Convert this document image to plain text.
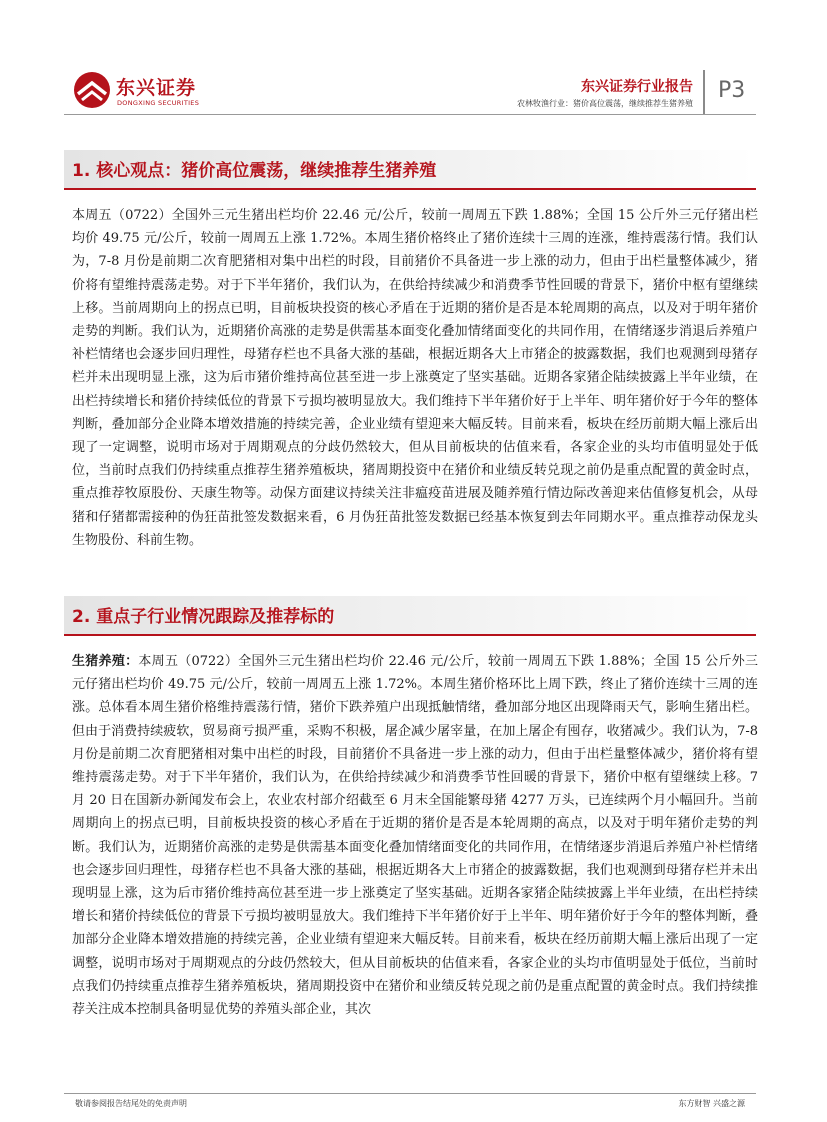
东兴证券
DONGXING SECURITIES
东兴证券行业报告
农林牧渔行业：猪价高位震荡，继续推荐生猪养殖
P3
1. 核心观点：猪价高位震荡，继续推荐生猪养殖

本周五（0722）全国外三元生猪出栏均价 22.46 元/公斤，较前一周周五下跌 1.88%；全国 15 公斤外三元仔猪出栏均价 49.75 元/公斤，较前一周周五上涨 1.72%。本周生猪价格终止了猪价连续十三周的连涨，维持震荡行情。我们认为，7-8 月份是前期二次育肥猪相对集中出栏的时段，目前猪价不具备进一步上涨的动力，但由于出栏量整体减少，猪价将有望维持震荡走势。对于下半年猪价，我们认为，在供给持续减少和消费季节性回暖的背景下，猪价中枢有望继续上移。当前周期向上的拐点已明，目前板块投资的核心矛盾在于近期的猪价是否是本轮周期的高点，以及对于明年猪价走势的判断。我们认为，近期猪价高涨的走势是供需基本面变化叠加情绪面变化的共同作用，在情绪逐步消退后养殖户补栏情绪也会逐步回归理性，母猪存栏也不具备大涨的基础，根据近期各大上市猪企的披露数据，我们也观测到母猪存栏并未出现明显上涨，这为后市猪价维持高位甚至进一步上涨奠定了坚实基础。近期各家猪企陆续披露上半年业绩，在出栏持续增长和猪价持续低位的背景下亏损均被明显放大。我们维持下半年猪价好于上半年、明年猪价好于今年的整体判断，叠加部分企业降本增效措施的持续完善，企业业绩有望迎来大幅反转。目前来看，板块在经历前期大幅上涨后出现了一定调整，说明市场对于周期观点的分歧仍然较大，但从目前板块的估值来看，各家企业的头均市值明显处于低位，当前时点我们仍持续重点推荐生猪养殖板块，猪周期投资中在猪价和业绩反转兑现之前仍是重点配置的黄金时点，重点推荐牧原股份、天康生物等。动保方面建议持续关注非瘟疫苗进展及随养殖行情边际改善迎来估值修复机会，从母猪和仔猪都需接种的伪狂苗批签发数据来看，6 月伪狂苗批签发数据已经基本恢复到去年同期水平。重点推荐动保龙头生物股份、科前生物。

2. 重点子行业情况跟踪及推荐标的

生猪养殖：本周五（0722）全国外三元生猪出栏均价 22.46 元/公斤，较前一周周五下跌 1.88%；全国 15 公斤外三元仔猪出栏均价 49.75 元/公斤，较前一周周五上涨 1.72%。本周生猪价格环比上周下跌，终止了猪价连续十三周的连涨。总体看本周生猪价格维持震荡行情，猪价下跌养殖户出现抵触情绪，叠加部分地区出现降雨天气，影响生猪出栏。但由于消费持续疲软，贸易商亏损严重，采购不积极，屠企减少屠宰量，在加上屠企有囤存，收猪减少。我们认为，7-8 月份是前期二次育肥猪相对集中出栏的时段，目前猪价不具备进一步上涨的动力，但由于出栏量整体减少，猪价将有望维持震荡走势。对于下半年猪价，我们认为，在供给持续减少和消费季节性回暖的背景下，猪价中枢有望继续上移。7 月 20 日在国新办新闻发布会上，农业农村部介绍截至 6 月末全国能繁母猪 4277 万头，已连续两个月小幅回升。当前周期向上的拐点已明，目前板块投资的核心矛盾在于近期的猪价是否是本轮周期的高点，以及对于明年猪价走势的判断。我们认为，近期猪价高涨的走势是供需基本面变化叠加情绪面变化的共同作用，在情绪逐步消退后养殖户补栏情绪也会逐步回归理性，母猪存栏也不具备大涨的基础，根据近期各大上市猪企的披露数据，我们也观测到母猪存栏并未出现明显上涨，这为后市猪价维持高位甚至进一步上涨奠定了坚实基础。近期各家猪企陆续披露上半年业绩，在出栏持续增长和猪价持续低位的背景下亏损均被明显放大。我们维持下半年猪价好于上半年、明年猪价好于今年的整体判断，叠加部分企业降本增效措施的持续完善，企业业绩有望迎来大幅反转。目前来看，板块在经历前期大幅上涨后出现了一定调整，说明市场对于周期观点的分歧仍然较大，但从目前板块的估值来看，各家企业的头均市值明显处于低位，当前时点我们仍持续重点推荐生猪养殖板块，猪周期投资中在猪价和业绩反转兑现之前仍是重点配置的黄金时点。我们持续推荐关注成本控制具备明显优势的养殖头部企业，其次

敬请参阅报告结尾处的免责声明	东方财智 兴盛之源
